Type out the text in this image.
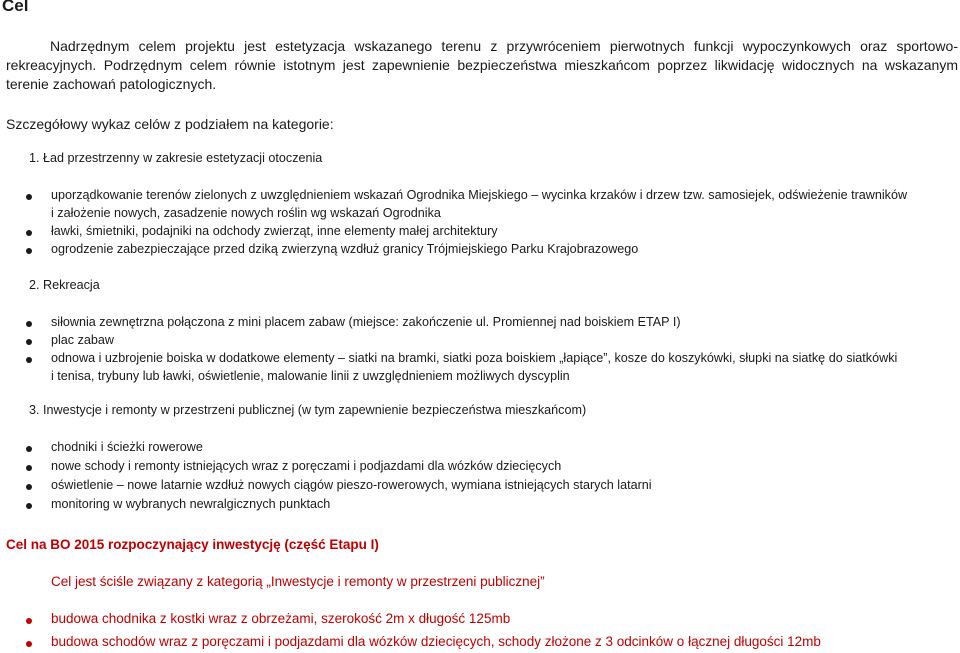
Cel
Nadrzędnym celem projektu jest estetyzacja wskazanego terenu z przywróceniem pierwotnych funkcji wypoczynkowych oraz sportowo-rekreacyjnych. Podrzędnym celem równie istotnym jest zapewnienie bezpieczeństwa mieszkańcom poprzez likwidację widocznych na wskazanym terenie zachowań patologicznych.
Szczegółowy wykaz celów z podziałem na kategorie:
1. Ład przestrzenny w zakresie estetyzacji otoczenia
uporządkowanie terenów zielonych z uwzględnieniem wskazań Ogrodnika Miejskiego – wycinka krzaków i drzew tzw. samosiejek, odświeżenie trawników
i założenie nowych, zasadzenie nowych roślin wg wskazań Ogrodnika
ławki, śmietniki, podajniki na odchody zwierząt, inne elementy małej architektury
ogrodzenie zabezpieczające przed dziką zwierzyną wzdłuż granicy Trójmiejskiego Parku Krajobrazowego
2. Rekreacja
siłownia zewnętrzna połączona z mini placem zabaw (miejsce: zakończenie ul. Promiennej nad boiskiem ETAP I)
plac zabaw
odnowa i uzbrojenie boiska w dodatkowe elementy – siatki na bramki, siatki poza boiskiem „łapiące”, kosze do koszykówki, słupki na siatkę do siatkówki
i tenisa, trybuny lub ławki, oświetlenie, malowanie linii z uwzględnieniem możliwych dyscyplin
3. Inwestycje i remonty w przestrzeni publicznej (w tym zapewnienie bezpieczeństwa mieszkańcom)
chodniki i ścieżki rowerowe
nowe schody i remonty istniejących wraz z poręczami i podjazdami dla wózków dziecięcych
oświetlenie – nowe latarnie wzdłuż nowych ciągów pieszo-rowerowych, wymiana istniejących starych latarni
monitoring w wybranych newralgicznych punktach
Cel na BO 2015 rozpoczynający inwestycję (część Etapu I)
Cel jest ściśle związany z kategorią „Inwestycje i remonty w przestrzeni publicznej”
budowa chodnika z kostki wraz z obrzeżami, szerokość 2m x długość 125mb
budowa schodów wraz z poręczami i podjazdami dla wózków dziecięcych, schody złożone z 3 odcinków o łącznej długości 12mb
